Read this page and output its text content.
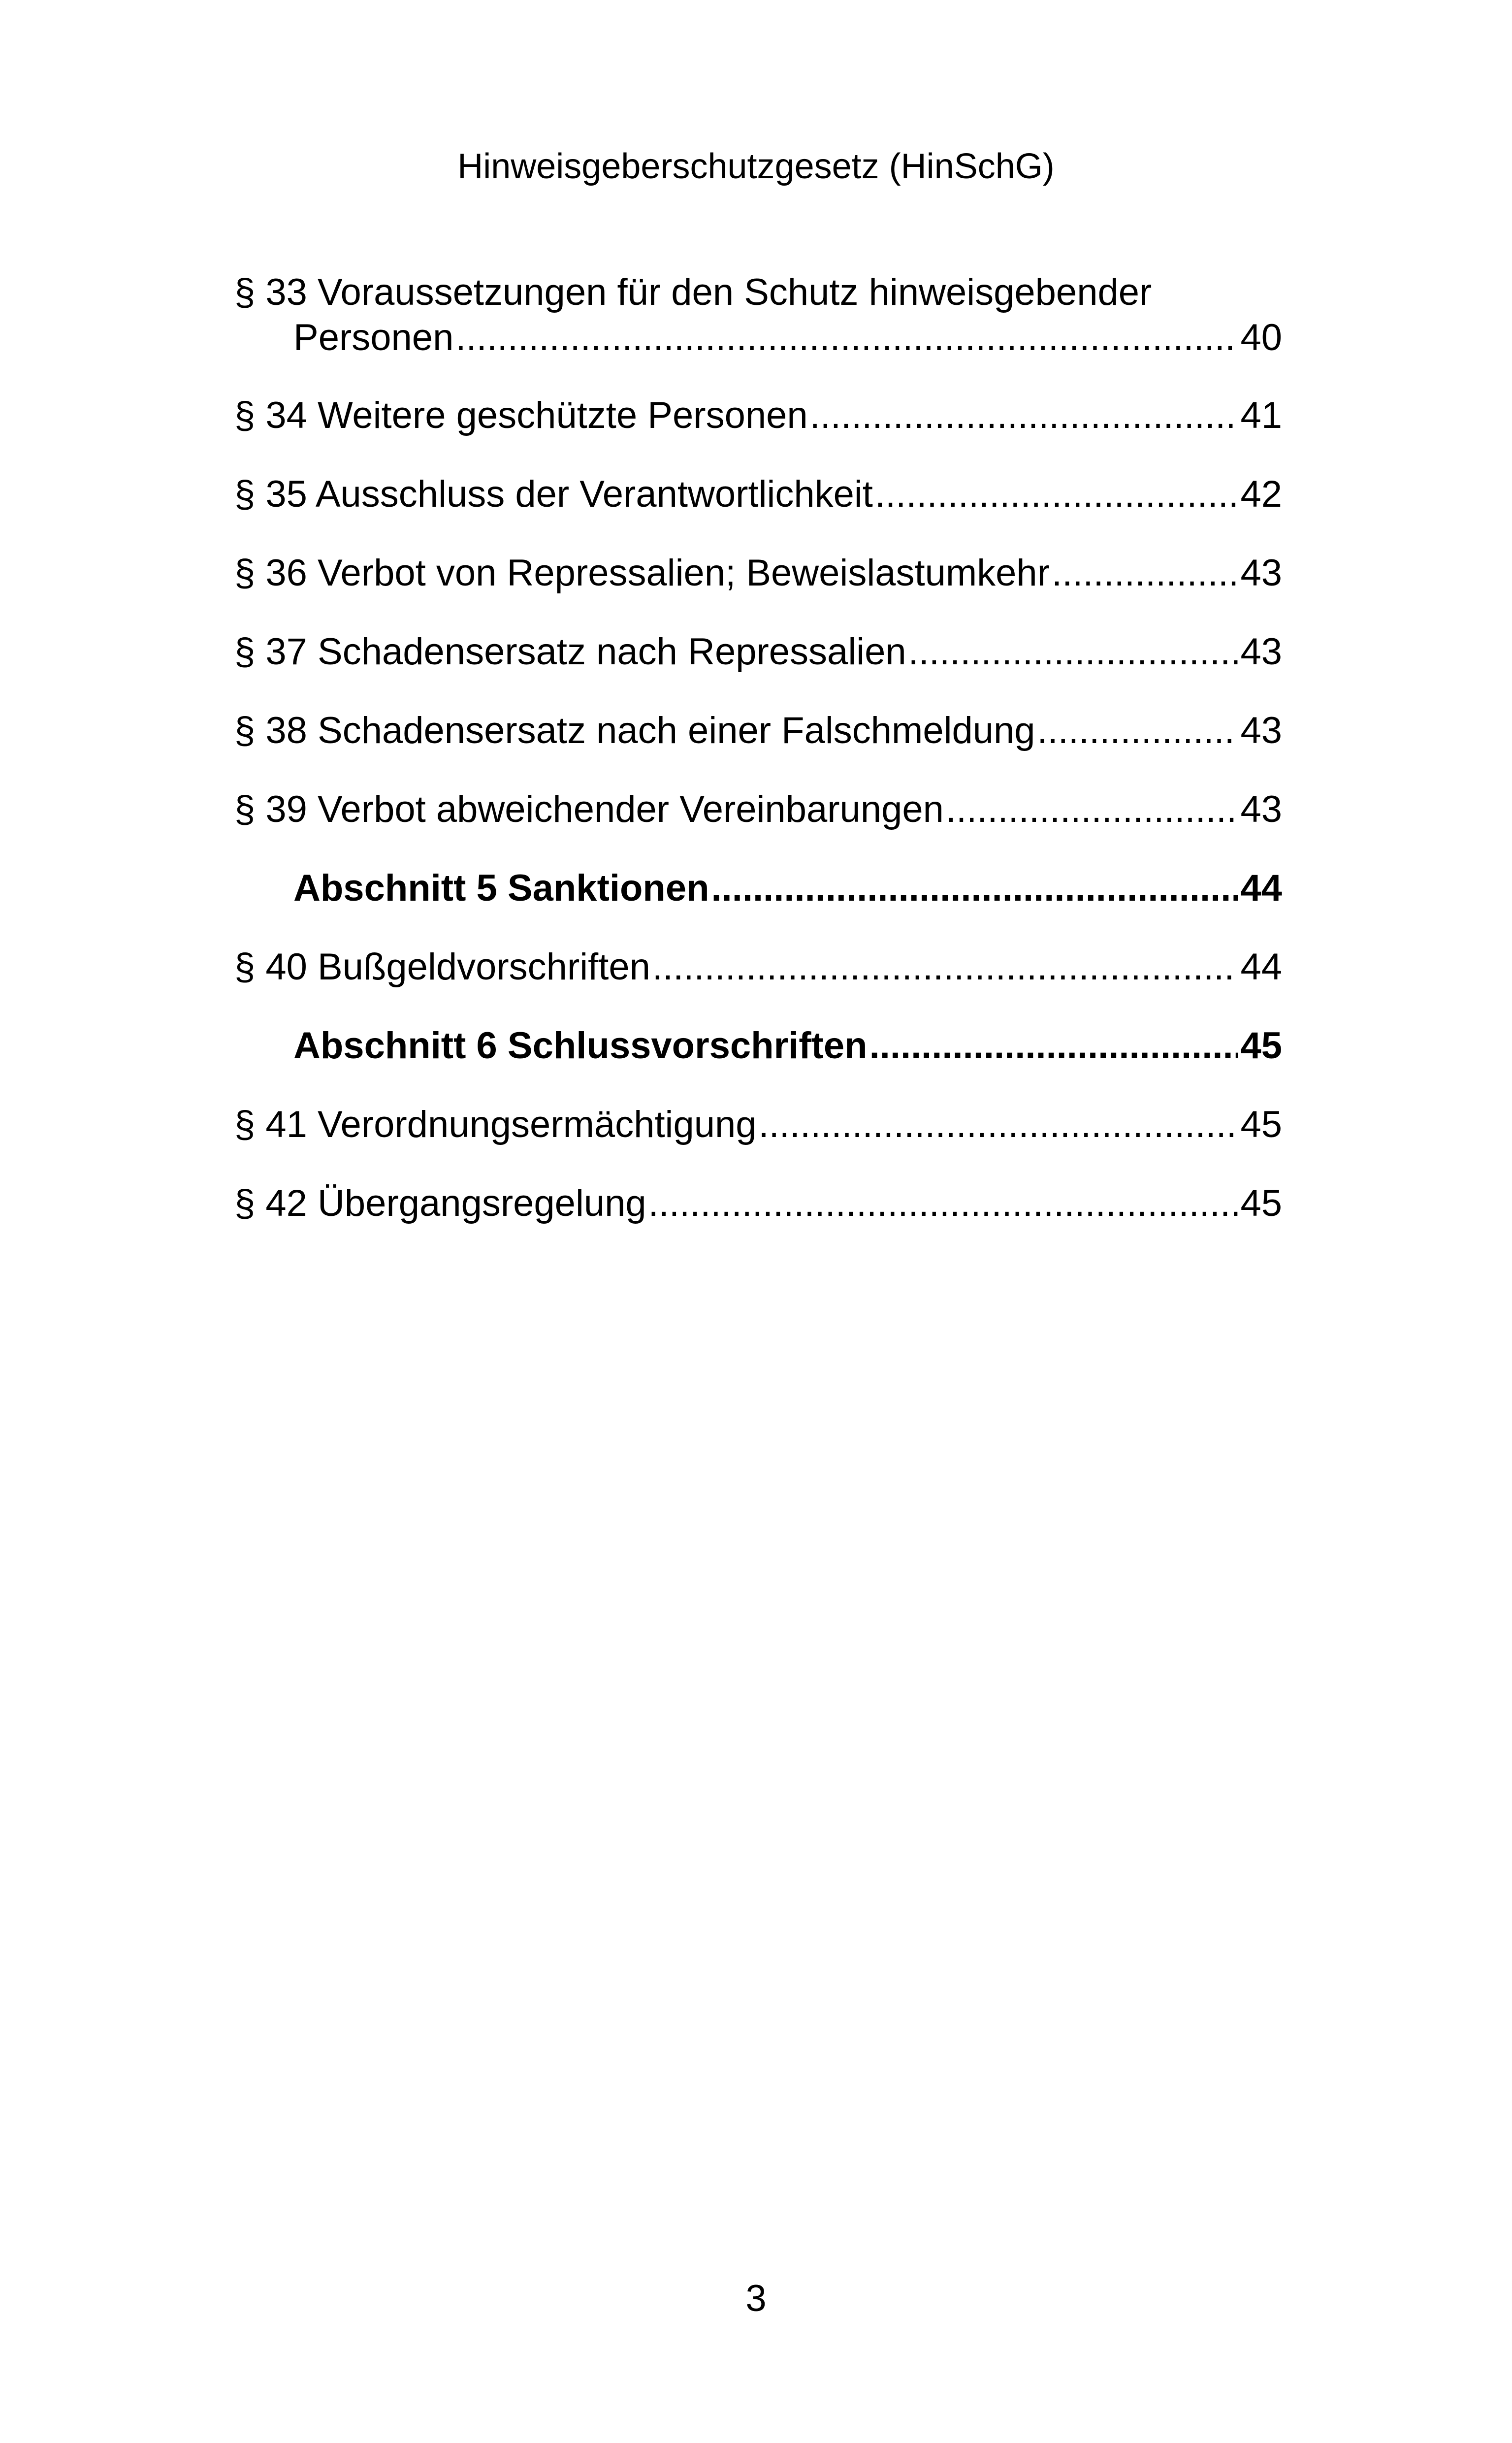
Hinweisgeberschutzgesetz (HinSchG)
§ 33 Voraussetzungen für den Schutz hinweisgebender
Personen .....	40
§ 34 Weitere geschützte Personen .....	41
§ 35 Ausschluss der Verantwortlichkeit .....	42
§ 36 Verbot von Repressalien; Beweislastumkehr .....	43
§ 37 Schadensersatz nach Repressalien .....	43
§ 38 Schadensersatz nach einer Falschmeldung .....	43
§ 39 Verbot abweichender Vereinbarungen .....	43
Abschnitt 5 Sanktionen .....	44
§ 40 Bußgeldvorschriften .....	44
Abschnitt 6 Schlussvorschriften .....	45
§ 41 Verordnungsermächtigung .....	45
§ 42 Übergangsregelung .....	45
3
